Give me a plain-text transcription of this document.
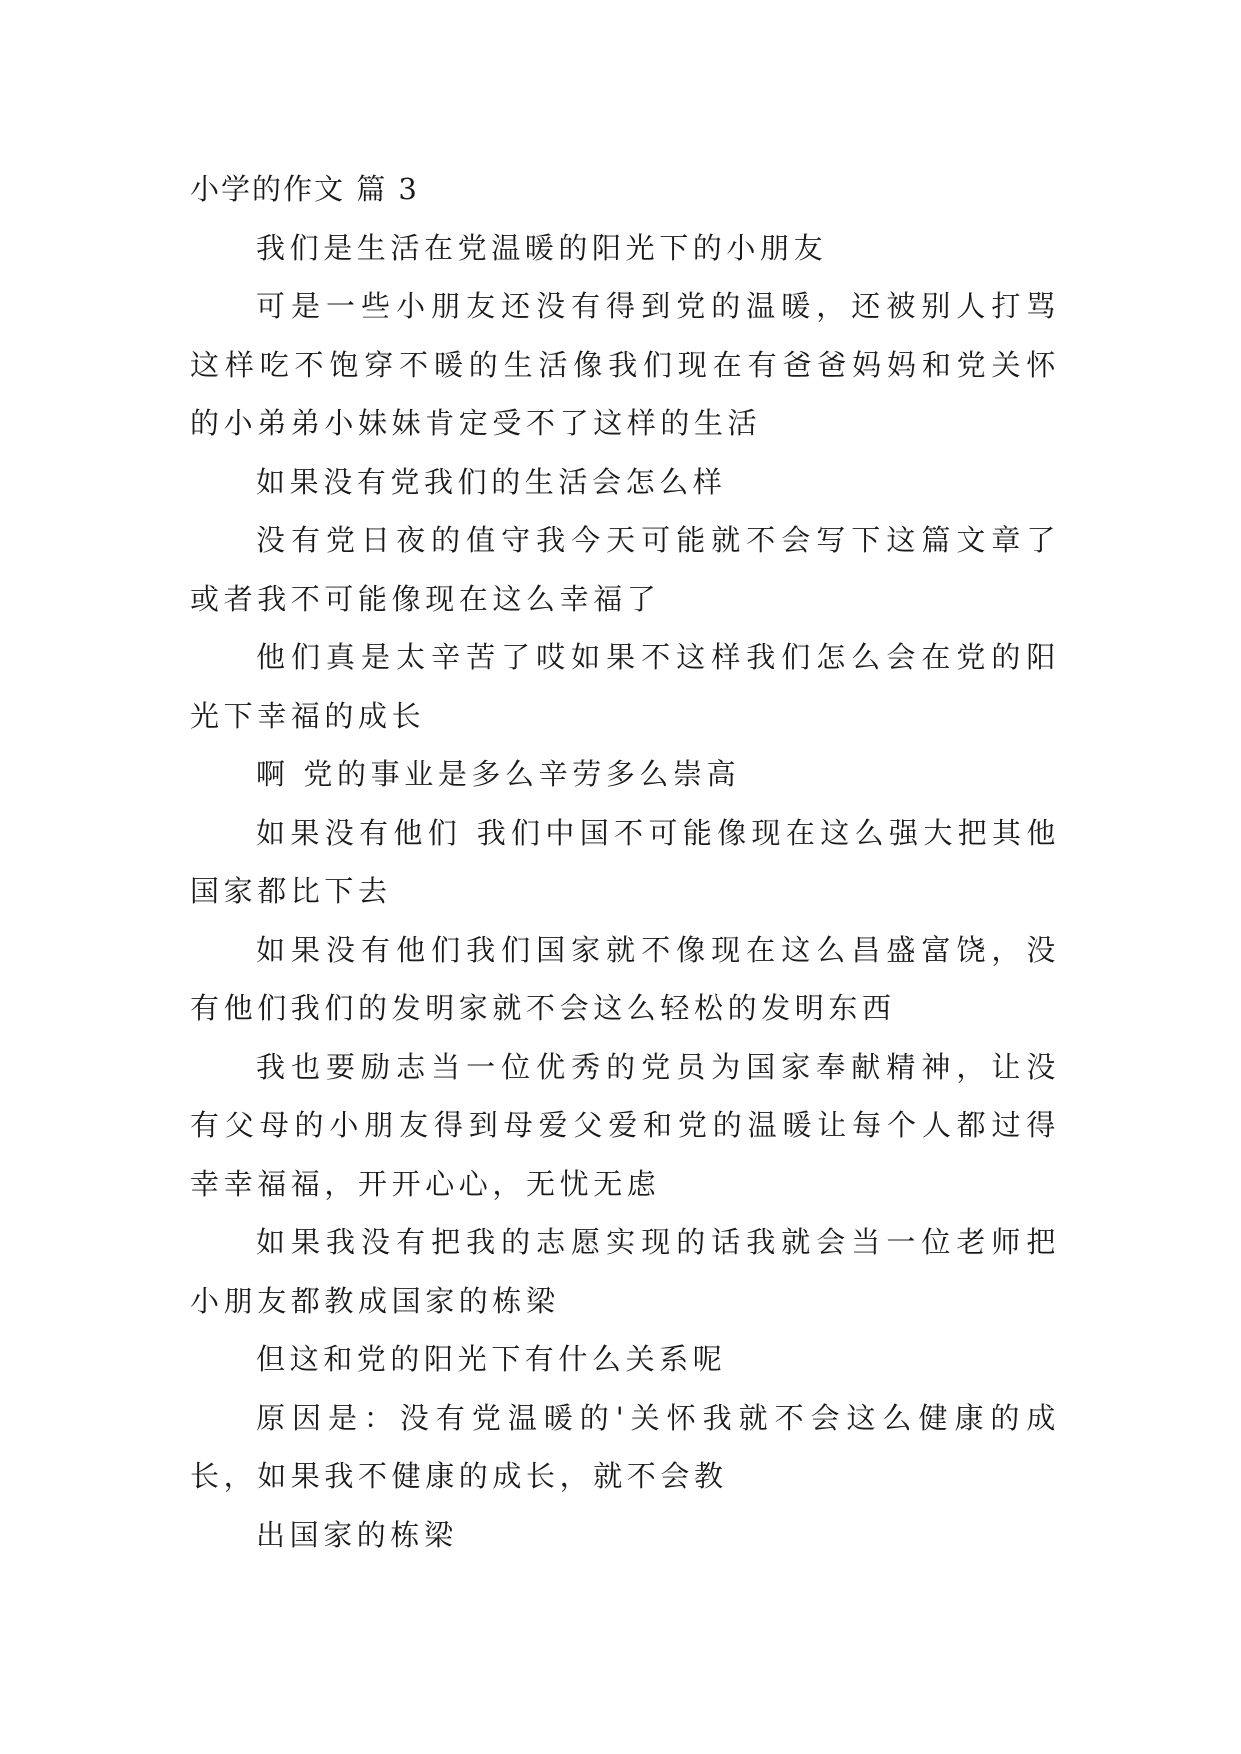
小学的作文 篇 3

我们是生活在党温暖的阳光下的小朋友

可是一些小朋友还没有得到党的温暖，还被别人打骂这样吃不饱穿不暖的生活像我们现在有爸爸妈妈和党关怀的小弟弟小妹妹肯定受不了这样的生活

如果没有党我们的生活会怎么样

没有党日夜的值守我今天可能就不会写下这篇文章了或者我不可能像现在这么幸福了

他们真是太辛苦了哎如果不这样我们怎么会在党的阳光下幸福的成长

啊 党的事业是多么辛劳多么崇高

如果没有他们 我们中国不可能像现在这么强大把其他国家都比下去

如果没有他们我们国家就不像现在这么昌盛富饶，没有他们我们的发明家就不会这么轻松的发明东西

我也要励志当一位优秀的党员为国家奉献精神，让没有父母的小朋友得到母爱父爱和党的温暖让每个人都过得幸幸福福，开开心心，无忧无虑

如果我没有把我的志愿实现的话我就会当一位老师把小朋友都教成国家的栋梁

但这和党的阳光下有什么关系呢

原因是：没有党温暖的'关怀我就不会这么健康的成长，如果我不健康的成长，就不会教

出国家的栋梁
